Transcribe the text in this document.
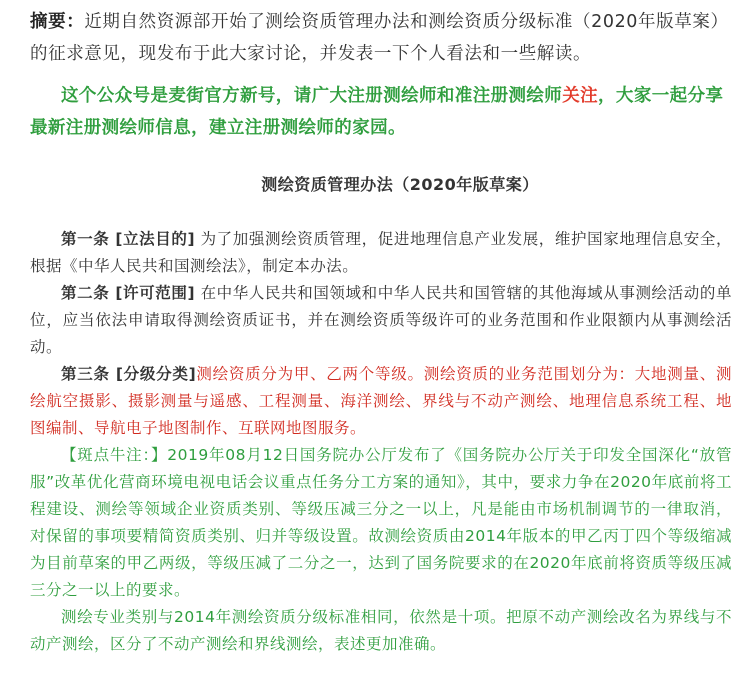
摘要：近期自然资源部开始了测绘资质管理办法和测绘资质分级标准（2020年版草案）的征求意见，现发布于此大家讨论，并发表一下个人看法和一些解读。

这个公众号是麦街官方新号，请广大注册测绘师和准注册测绘师关注，大家一起分享最新注册测绘师信息，建立注册测绘师的家园。

测绘资质管理办法（2020年版草案）

第一条 [立法目的] 为了加强测绘资质管理，促进地理信息产业发展，维护国家地理信息安全，根据《中华人民共和国测绘法》，制定本办法。

第二条 [许可范围] 在中华人民共和国领域和中华人民共和国管辖的其他海域从事测绘活动的单位，应当依法申请取得测绘资质证书，并在测绘资质等级许可的业务范围和作业限额内从事测绘活动。

第三条 [分级分类]测绘资质分为甲、乙两个等级。测绘资质的业务范围划分为：大地测量、测绘航空摄影、摄影测量与遥感、工程测量、海洋测绘、界线与不动产测绘、地理信息系统工程、地图编制、导航电子地图制作、互联网地图服务。

【斑点牛注：】2019年08月12日国务院办公厅发布了《国务院办公厅关于印发全国深化“放管服”改革优化营商环境电视电话会议重点任务分工方案的通知》，其中，要求力争在2020年底前将工程建设、测绘等领域企业资质类别、等级压减三分之一以上，凡是能由市场机制调节的一律取消，对保留的事项要精简资质类别、归并等级设置。故测绘资质由2014年版本的甲乙丙丁四个等级缩减为目前草案的甲乙两级，等级压减了二分之一，达到了国务院要求的在2020年底前将资质等级压减三分之一以上的要求。

测绘专业类别与2014年测绘资质分级标准相同，依然是十项。把原不动产测绘改名为界线与不动产测绘，区分了不动产测绘和界线测绘，表述更加准确。
